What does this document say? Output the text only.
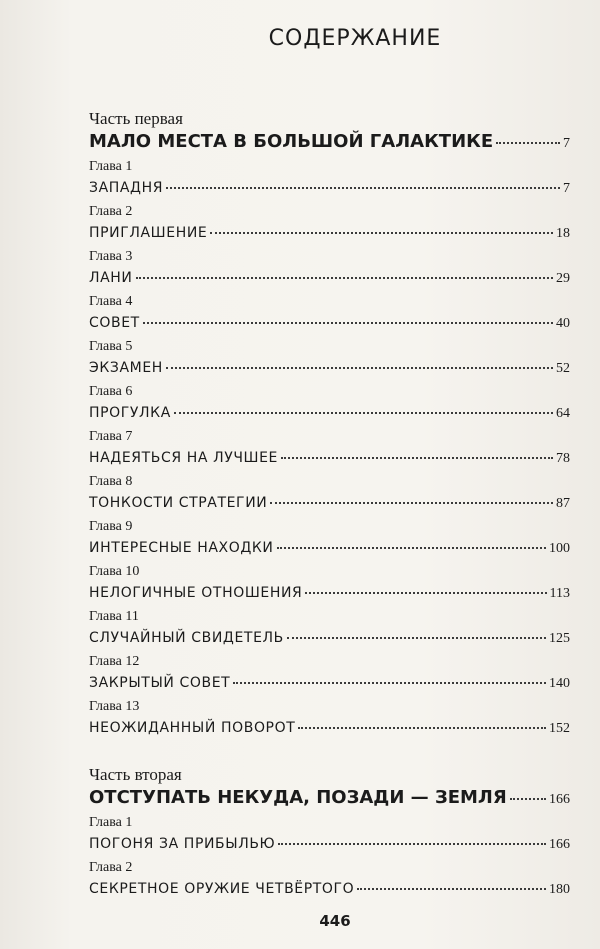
СОДЕРЖАНИЕ
Часть первая
МАЛО МЕСТА В БОЛЬШОЙ ГАЛАКТИКЕ	7
Глава 1
ЗАПАДНЯ	7
Глава 2
ПРИГЛАШЕНИЕ	18
Глава 3
ЛАНИ	29
Глава 4
СОВЕТ	40
Глава 5
ЭКЗАМЕН	52
Глава 6
ПРОГУЛКА	64
Глава 7
НАДЕЯТЬСЯ НА ЛУЧШЕЕ	78
Глава 8
ТОНКОСТИ СТРАТЕГИИ	87
Глава 9
ИНТЕРЕСНЫЕ НАХОДКИ	100
Глава 10
НЕЛОГИЧНЫЕ ОТНОШЕНИЯ	113
Глава 11
СЛУЧАЙНЫЙ СВИДЕТЕЛЬ	125
Глава 12
ЗАКРЫТЫЙ СОВЕТ	140
Глава 13
НЕОЖИДАННЫЙ ПОВОРОТ	152
Часть вторая
ОТСТУПАТЬ НЕКУДА, ПОЗАДИ — ЗЕМЛЯ	166
Глава 1
ПОГОНЯ ЗА ПРИБЫЛЬЮ	166
Глава 2
СЕКРЕТНОЕ ОРУЖИЕ ЧЕТВЁРТОГО	180
446
